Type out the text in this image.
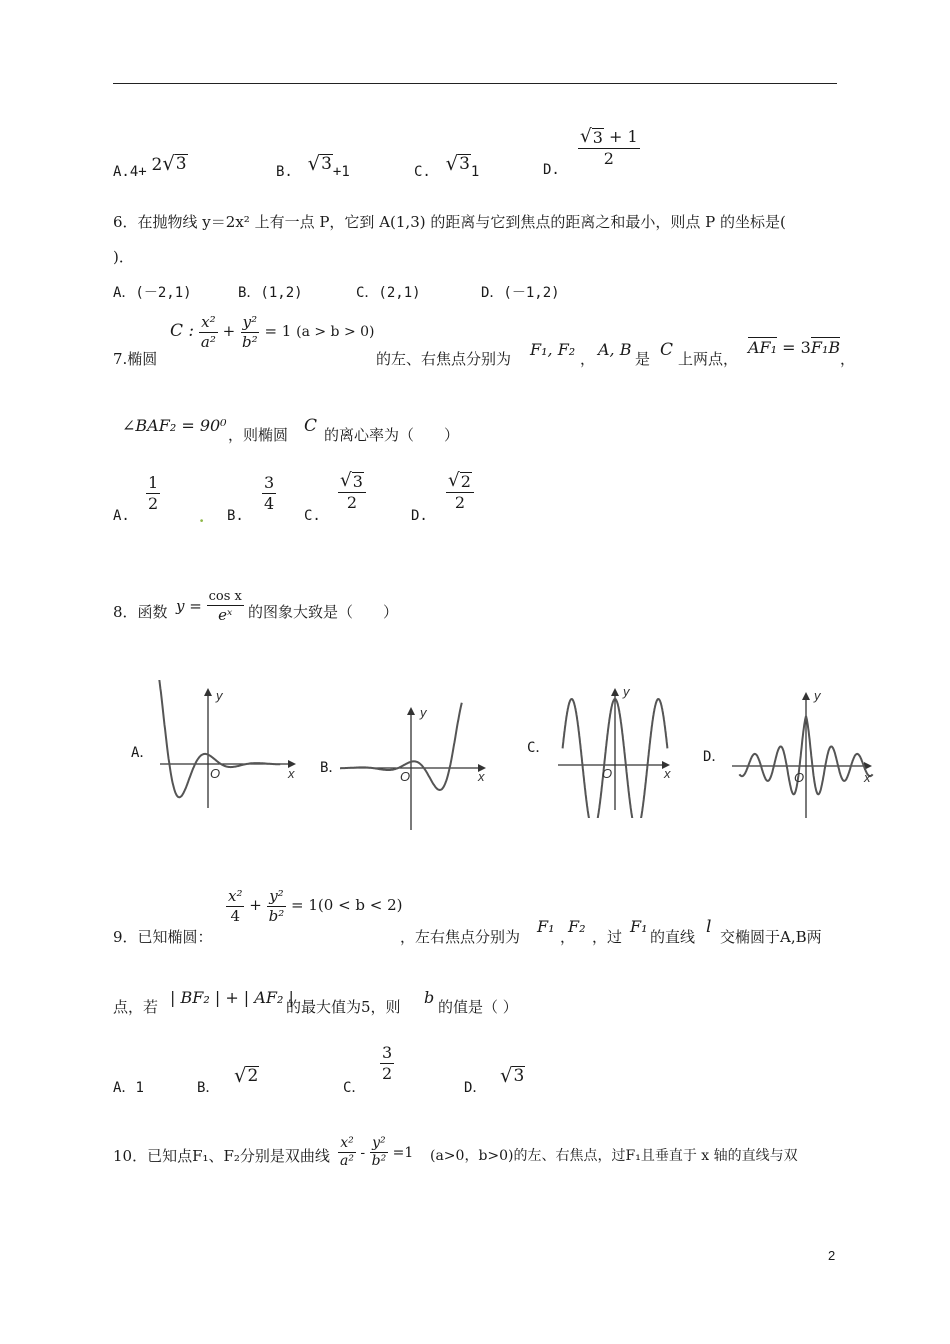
A.4+ 2 √ 3	B. √ 3 +1	C. √ 3 1	D.
$\frac{√ 3 + 1}{2}$
6．在抛物线 y＝2x² 上有一点 P，它到 A(1,3) 的距离与它到焦点的距离之和最小，则点 P 的坐标是(
)．
A．(－2,1)	B．(1,2)	C．(2,1)	D．(－1,2)
7.椭圆
C : $\frac{\text{x²}}{\text{a²}} + \frac{\text{y²}}{\text{b²}} = 1$ (a > b > 0)
的左、右焦点分别为 F₁, F₂ ， A, B 是 C 上两点，
AF₁ = 3F₁B
，
∠BAF₂ = 90⁰ ，则椭圆 C 的离心率为（　　）
A.
$\frac{1}{2}$
. B.
$\frac{3}{4}$
C.
$\frac{√ 3}{2}$
D.
$\frac{√ 2}{2}$
8．函数 $y = \frac{\text{cos x}}{\text{eˣ}}$ 的图象大致是（　　）
A．
B．
C．
D．
y
x
O
y
x
O
y
x
O
y
x
O
9．已知椭圆：
$\frac{\text{x²}}{4} + \frac{\text{y²}}{\text{b²}} = 1(0 < b < 2)$
，左右焦点分别为
F₁
，
F₂
，过
F₁
的直线 l 交椭圆于A,B两
点，若 | BF₂ | + | AF₂ |
的最大值为5，则 b 的值是（ ）
A．1	B．
√ 2
C．
$\frac{3}{2}$
D．
√ 3
10．已知点F₁、F₂分别是双曲线 $\frac{\text{x²}}{\text{a²}} - \frac{\text{y²}}{\text{b²}} =1$ (a>0，b>0)的左、右焦点，过F₁且垂直于 x 轴的直线与双
2
